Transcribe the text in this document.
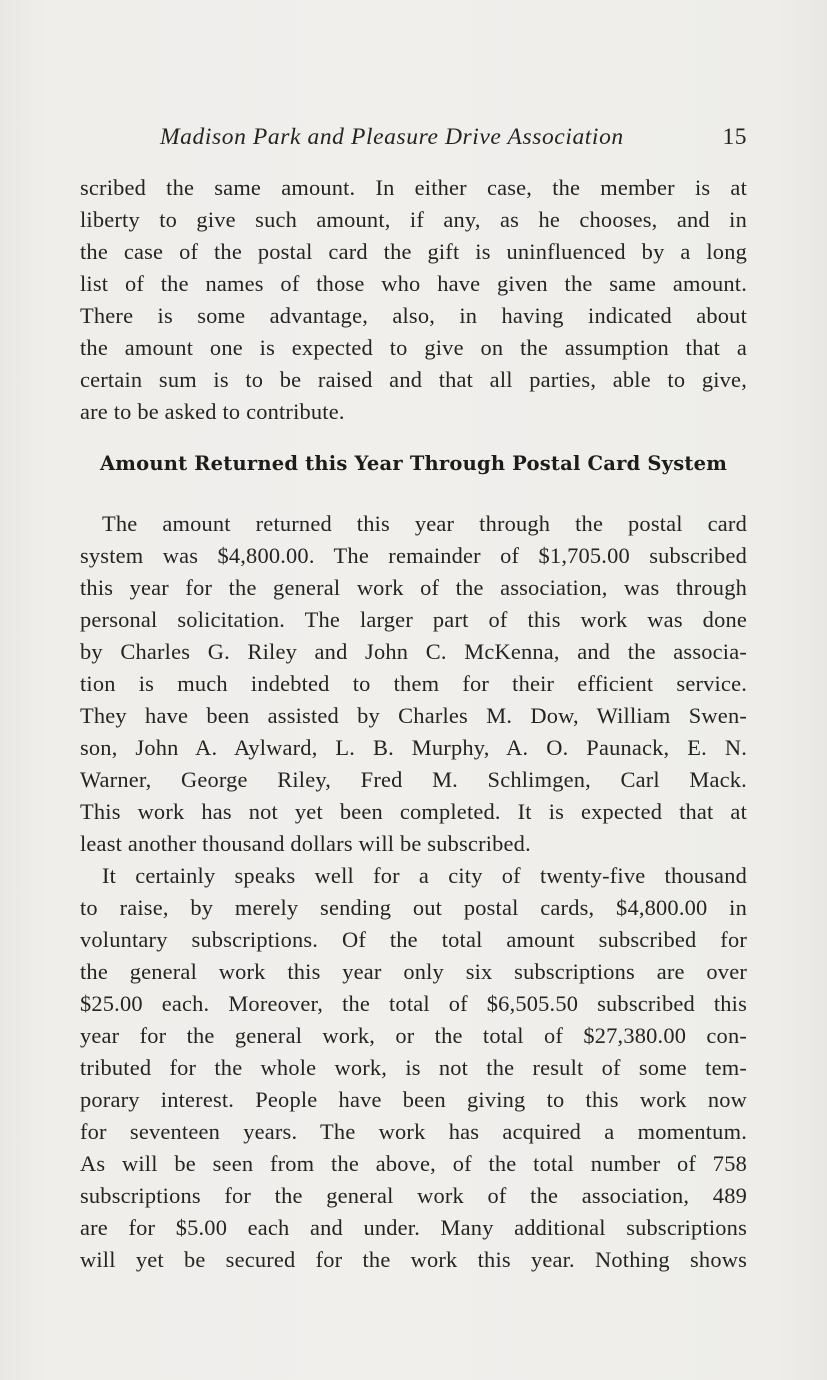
Madison Park and Pleasure Drive Association	15
scribed the same amount. In either case, the member is at
liberty to give such amount, if any, as he chooses, and in
the case of the postal card the gift is uninfluenced by a long
list of the names of those who have given the same amount.
There is some advantage, also, in having indicated about
the amount one is expected to give on the assumption that a
certain sum is to be raised and that all parties, able to give,
are to be asked to contribute.
Amount Returned this Year Through Postal Card System
The amount returned this year through the postal card
system was $4,800.00. The remainder of $1,705.00 subscribed
this year for the general work of the association, was through
personal solicitation. The larger part of this work was done
by Charles G. Riley and John C. McKenna, and the associa-
tion is much indebted to them for their efficient service.
They have been assisted by Charles M. Dow, William Swen-
son, John A. Aylward, L. B. Murphy, A. O. Paunack, E. N.
Warner, George Riley, Fred M. Schlimgen, Carl Mack.
This work has not yet been completed. It is expected that at
least another thousand dollars will be subscribed.
It certainly speaks well for a city of twenty-five thousand
to raise, by merely sending out postal cards, $4,800.00 in
voluntary subscriptions. Of the total amount subscribed for
the general work this year only six subscriptions are over
$25.00 each. Moreover, the total of $6,505.50 subscribed this
year for the general work, or the total of $27,380.00 con-
tributed for the whole work, is not the result of some tem-
porary interest. People have been giving to this work now
for seventeen years. The work has acquired a momentum.
As will be seen from the above, of the total number of 758
subscriptions for the general work of the association, 489
are for $5.00 each and under. Many additional subscriptions
will yet be secured for the work this year. Nothing shows
